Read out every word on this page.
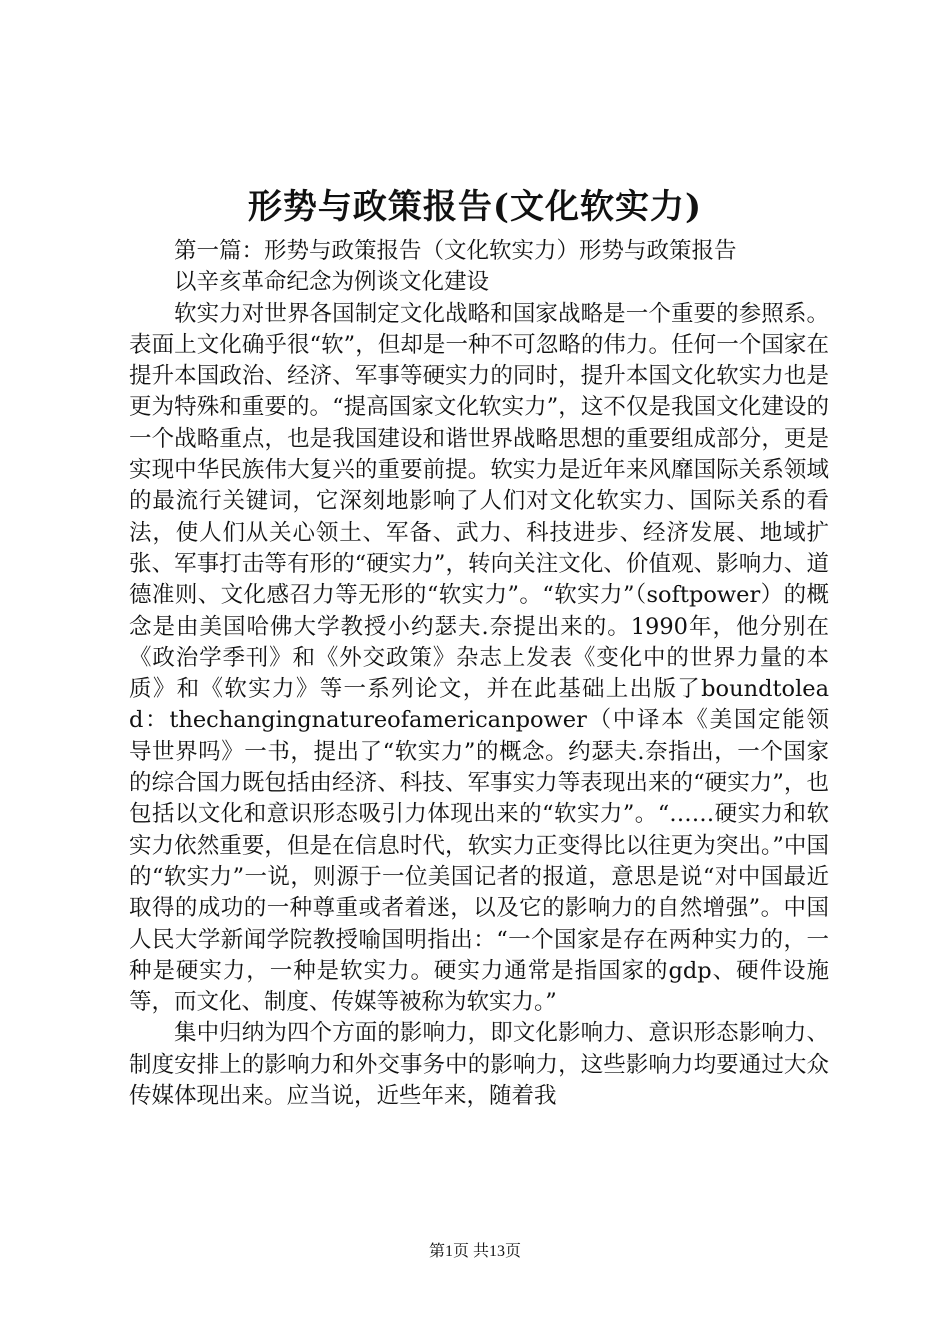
形势与政策报告(文化软实力)

第一篇：形势与政策报告（文化软实力）形势与政策报告

以辛亥革命纪念为例谈文化建设

软实力对世界各国制定文化战略和国家战略是一个重要的参照系。表面上文化确乎很“软”，但却是一种不可忽略的伟力。任何一个国家在提升本国政治、经济、军事等硬实力的同时，提升本国文化软实力也是更为特殊和重要的。“提高国家文化软实力”，这不仅是我国文化建设的一个战略重点，也是我国建设和谐世界战略思想的重要组成部分，更是实现中华民族伟大复兴的重要前提。软实力是近年来风靡国际关系领域的最流行关键词，它深刻地影响了人们对文化软实力、国际关系的看法，使人们从关心领土、军备、武力、科技进步、经济发展、地域扩张、军事打击等有形的“硬实力”，转向关注文化、价值观、影响力、道德准则、文化感召力等无形的“软实力”。“软实力”（softpower）的概念是由美国哈佛大学教授小约瑟夫.奈提出来的。1990年，他分别在《政治学季刊》和《外交政策》杂志上发表《变化中的世界力量的本质》和《软实力》等一系列论文，并在此基础上出版了boundtolead：thechangingnatureofamericanpower（中译本《美国定能领导世界吗》一书，提出了“软实力”的概念。约瑟夫.奈指出，一个国家的综合国力既包括由经济、科技、军事实力等表现出来的“硬实力”，也包括以文化和意识形态吸引力体现出来的“软实力”。“……硬实力和软实力依然重要，但是在信息时代，软实力正变得比以往更为突出。”中国的“软实力”一说，则源于一位美国记者的报道，意思是说“对中国最近取得的成功的一种尊重或者着迷，以及它的影响力的自然增强”。中国人民大学新闻学院教授喻国明指出：“一个国家是存在两种实力的，一种是硬实力，一种是软实力。硬实力通常是指国家的gdp、硬件设施等，而文化、制度、传媒等被称为软实力。”

集中归纳为四个方面的影响力，即文化影响力、意识形态影响力、制度安排上的影响力和外交事务中的影响力，这些影响力均要通过大众传媒体现出来。应当说，近些年来，随着我

第1页 共13页
